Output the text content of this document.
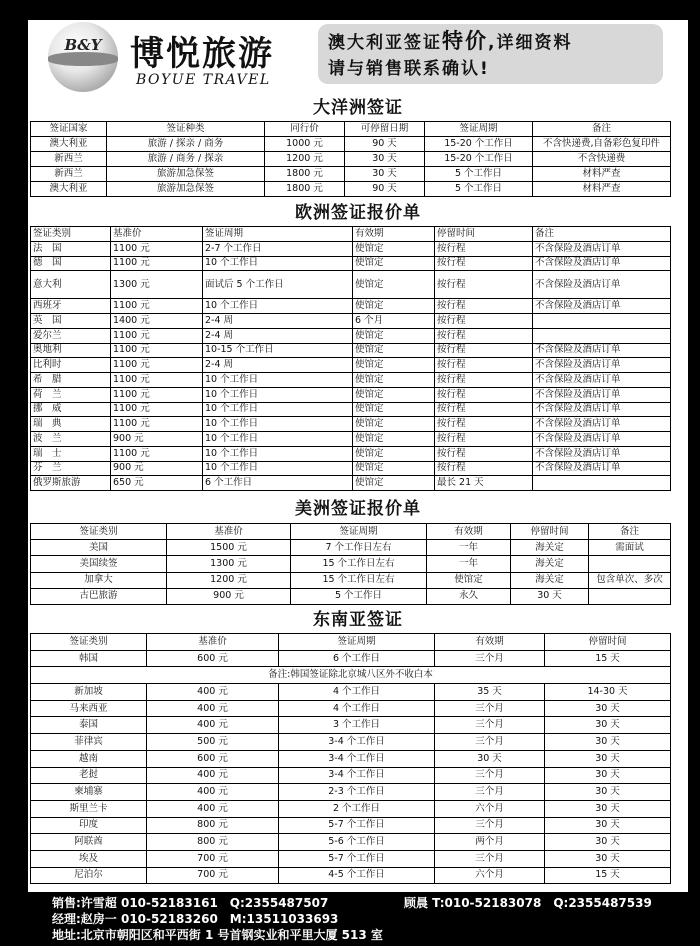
B&Y 博悦旅游
BOYUE TRAVEL
澳大利亚签证特价,详细资料
请与销售联系确认!
大洋洲签证
签证国家	签证种类	同行价	可停留日期	签证周期	备注
澳大利亚	旅游 / 探亲 / 商务	1000 元	90 天	15-20 个工作日	不含快递费,自备彩色复印件
新西兰	旅游 / 商务 / 探亲	1200 元	30 天	15-20 个工作日	不含快递费
新西兰	旅游加急保签	1800 元	30 天	5 个工作日	材料严查
澳大利亚	旅游加急保签	1800 元	90 天	5 个工作日	材料严查
欧洲签证报价单
签证类别	基准价	签证周期	有效期	停留时间	备注
法　国	1100 元	2-7 个工作日	使馆定	按行程	不含保险及酒店订单
德　国	1100 元	10 个工作日	使馆定	按行程	不含保险及酒店订单
意大利	1300 元	面试后 5 个工作日	使馆定	按行程	不含保险及酒店订单
西班牙	1100 元	10 个工作日	使馆定	按行程	不含保险及酒店订单
英　国	1400 元	2-4 周	6 个月	按行程	
爱尔兰	1100 元	2-4 周	使馆定	按行程	
奥地利	1100 元	10-15 个工作日	使馆定	按行程	不含保险及酒店订单
比利时	1100 元	2-4 周	使馆定	按行程	不含保险及酒店订单
希　腊	1100 元	10 个工作日	使馆定	按行程	不含保险及酒店订单
荷　兰	1100 元	10 个工作日	使馆定	按行程	不含保险及酒店订单
挪　威	1100 元	10 个工作日	使馆定	按行程	不含保险及酒店订单
瑞　典	1100 元	10 个工作日	使馆定	按行程	不含保险及酒店订单
波　兰	900 元	10 个工作日	使馆定	按行程	不含保险及酒店订单
瑞　士	1100 元	10 个工作日	使馆定	按行程	不含保险及酒店订单
芬　兰	900 元	10 个工作日	使馆定	按行程	不含保险及酒店订单
俄罗斯旅游	650 元	6 个工作日	使馆定	最长 21 天	
美洲签证报价单
签证类别	基准价	签证周期	有效期	停留时间	备注
美国	1500 元	7 个工作日左右	一年	海关定	需面试
美国续签	1300 元	15 个工作日左右	一年	海关定	
加拿大	1200 元	15 个工作日左右	使馆定	海关定	包含单次、多次
古巴旅游	900 元	5 个工作日	永久	30 天	
东南亚签证
签证类别	基准价	签证周期	有效期	停留时间
韩国	600 元	6 个工作日	三个月	15 天
备注:韩国签证除北京城八区外不收白本				
新加坡	400 元	4 个工作日	35 天	14-30 天
马来西亚	400 元	4 个工作日	三个月	30 天
泰国	400 元	3 个工作日	三个月	30 天
菲律宾	500 元	3-4 个工作日	三个月	30 天
越南	600 元	3-4 个工作日	30 天	30 天
老挝	400 元	3-4 个工作日	三个月	30 天
柬埔寨	400 元	2-3 个工作日	三个月	30 天
斯里兰卡	400 元	2 个工作日	六个月	30 天
印度	800 元	5-7 个工作日	三个月	30 天
阿联酋	800 元	5-6 个工作日	两个月	30 天
埃及	700 元	5-7 个工作日	三个月	30 天
尼泊尔	700 元	4-5 个工作日	六个月	15 天
销售:许雪超 010-52183161　Q:2355487507	顾晨 T:010-52183078　Q:2355487539
经理:赵房一 010-52183260　M:13511033693
地址:北京市朝阳区和平西街 1 号首钢实业和平里大厦 513 室
